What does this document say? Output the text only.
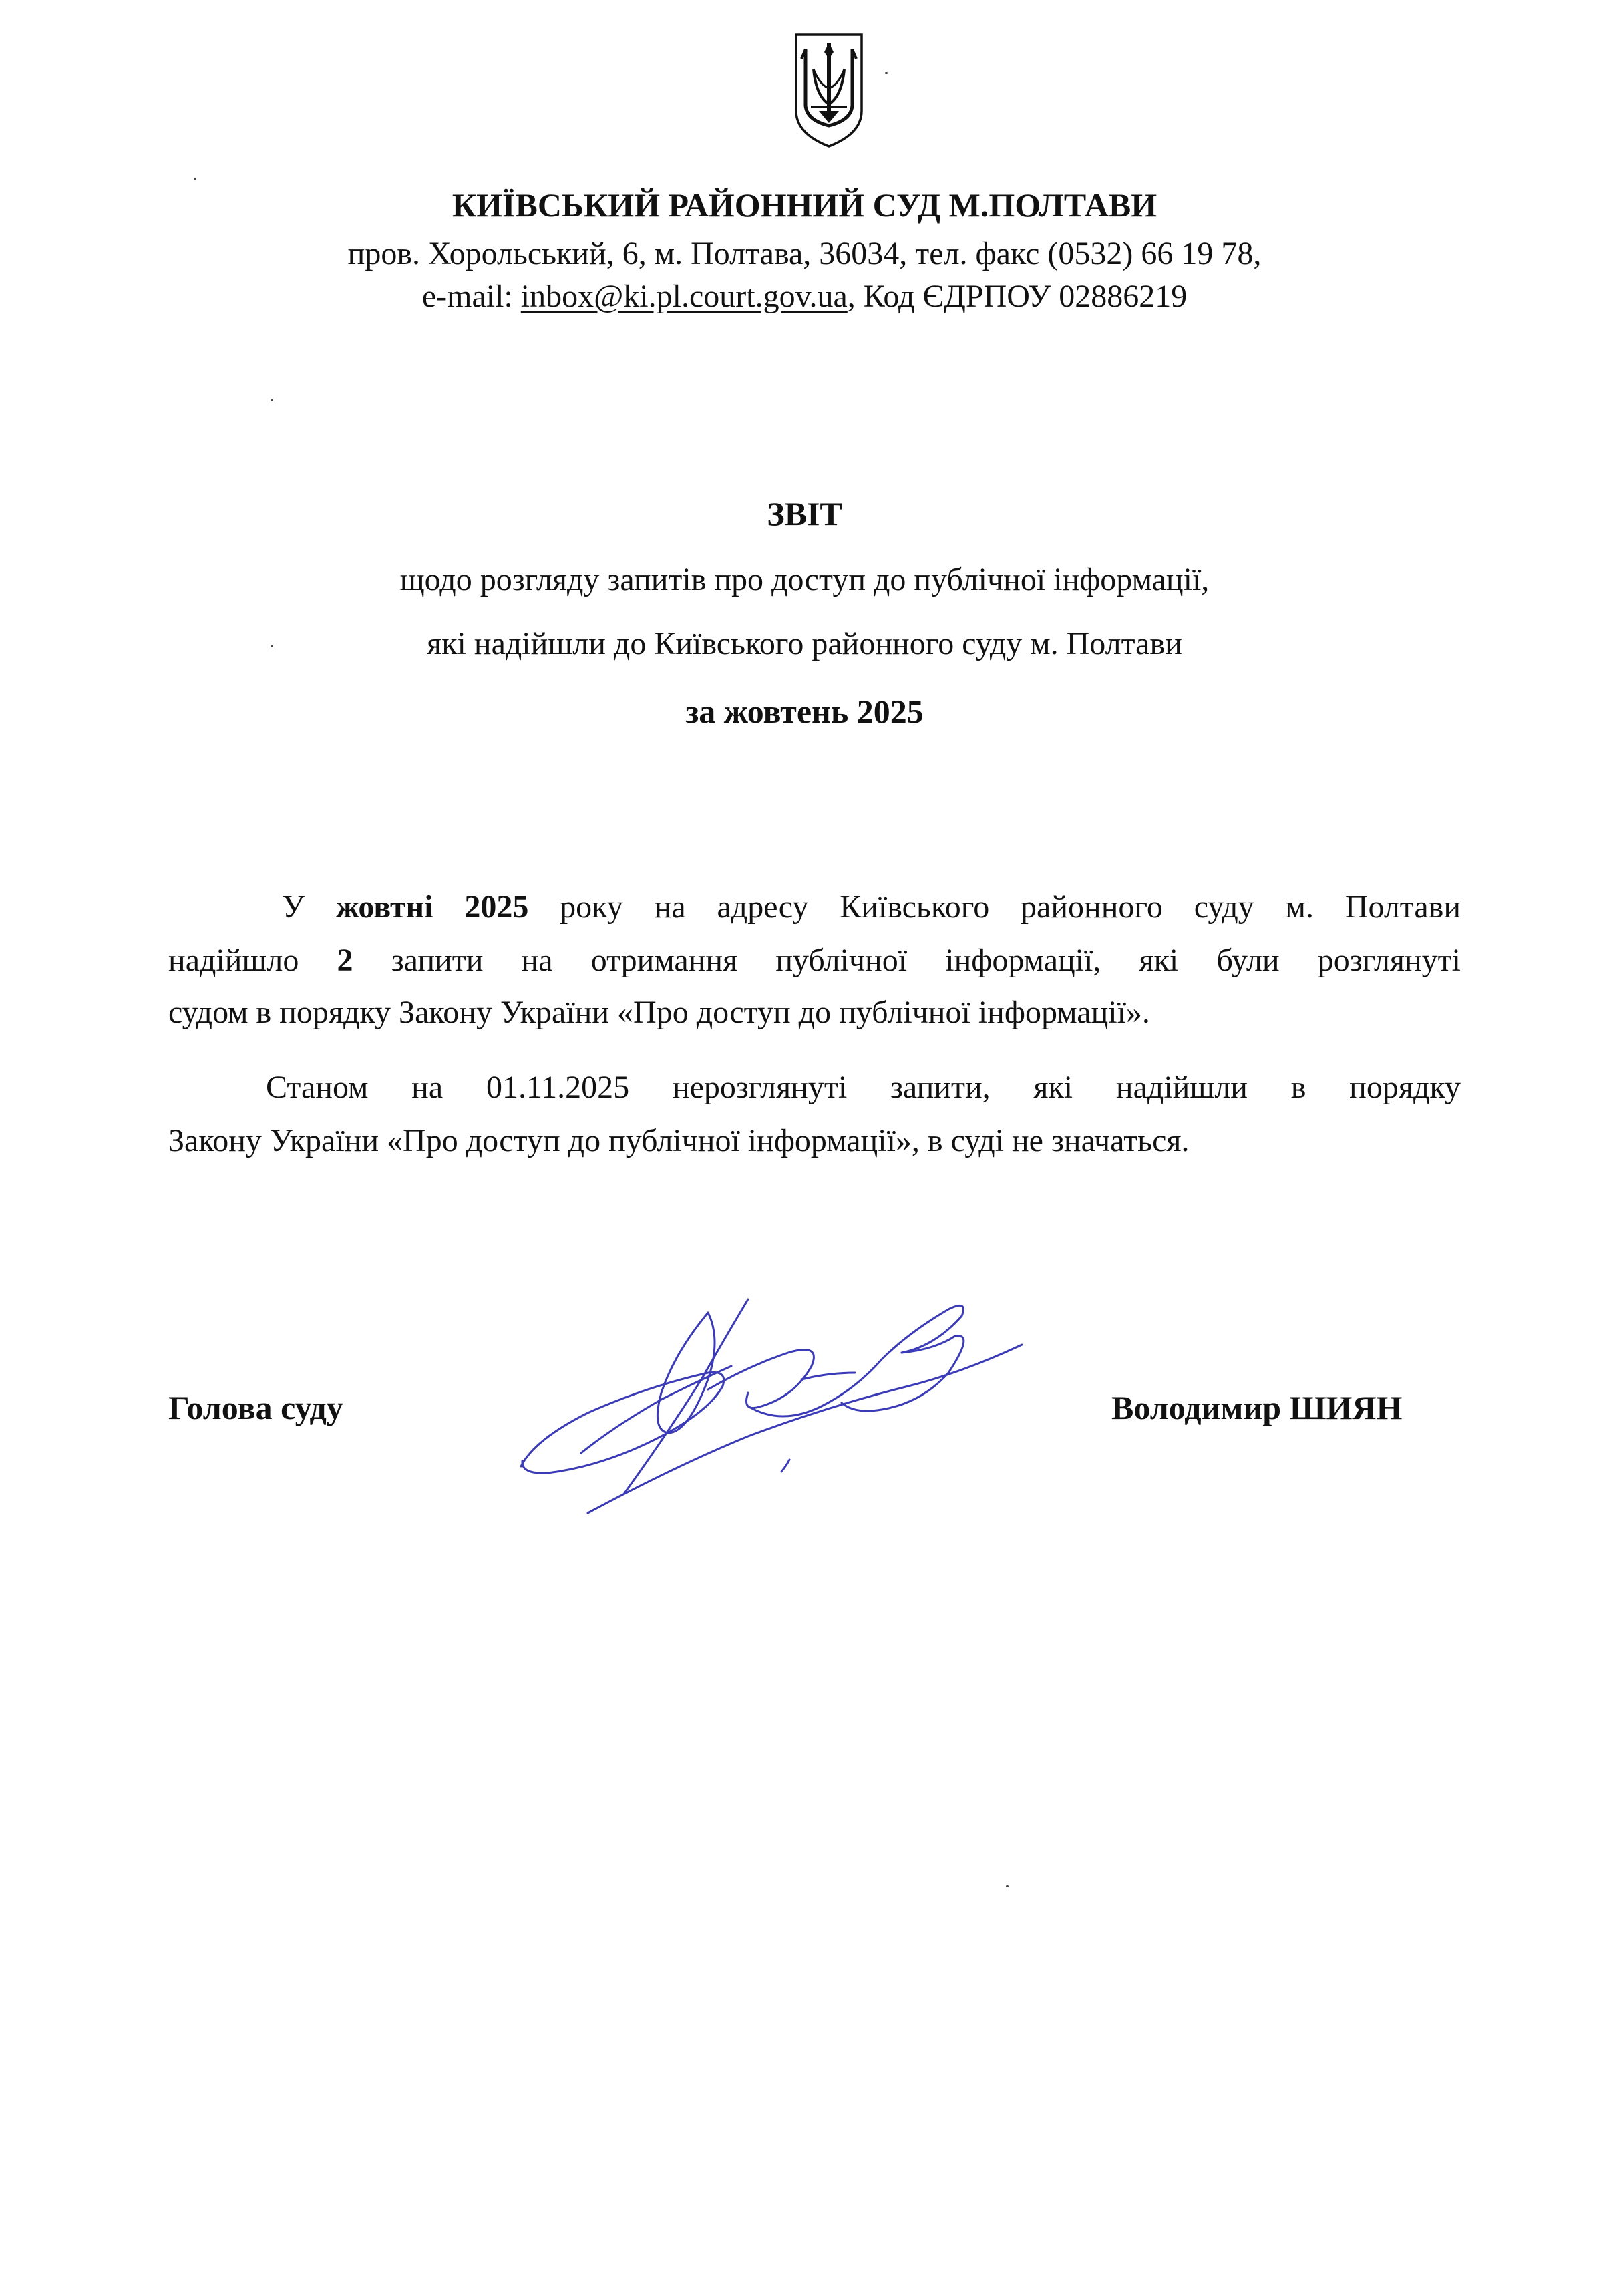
КИЇВСЬКИЙ РАЙОННИЙ СУД М.ПОЛТАВИ
пров. Хорольський, 6, м. Полтава, 36034, тел. факс (0532) 66 19 78,
e-mail: inbox@ki.pl.court.gov.ua, Код ЄДРПОУ 02886219
ЗВІТ
щодо розгляду запитів про доступ до публічної інформації,
які надійшли до Київського районного суду м. Полтави
за жовтень 2025
У жовтні 2025 року на адресу Київського районного суду м. Полтави
надійшло 2 запити на отримання публічної інформації, які були розглянуті
судом в порядку Закону України «Про доступ до публічної інформації».
Станом на 01.11.2025 нерозглянуті запити, які надійшли в порядку
Закону України «Про доступ до публічної інформації», в суді не значаться.
Голова суду	Володимир ШИЯН
